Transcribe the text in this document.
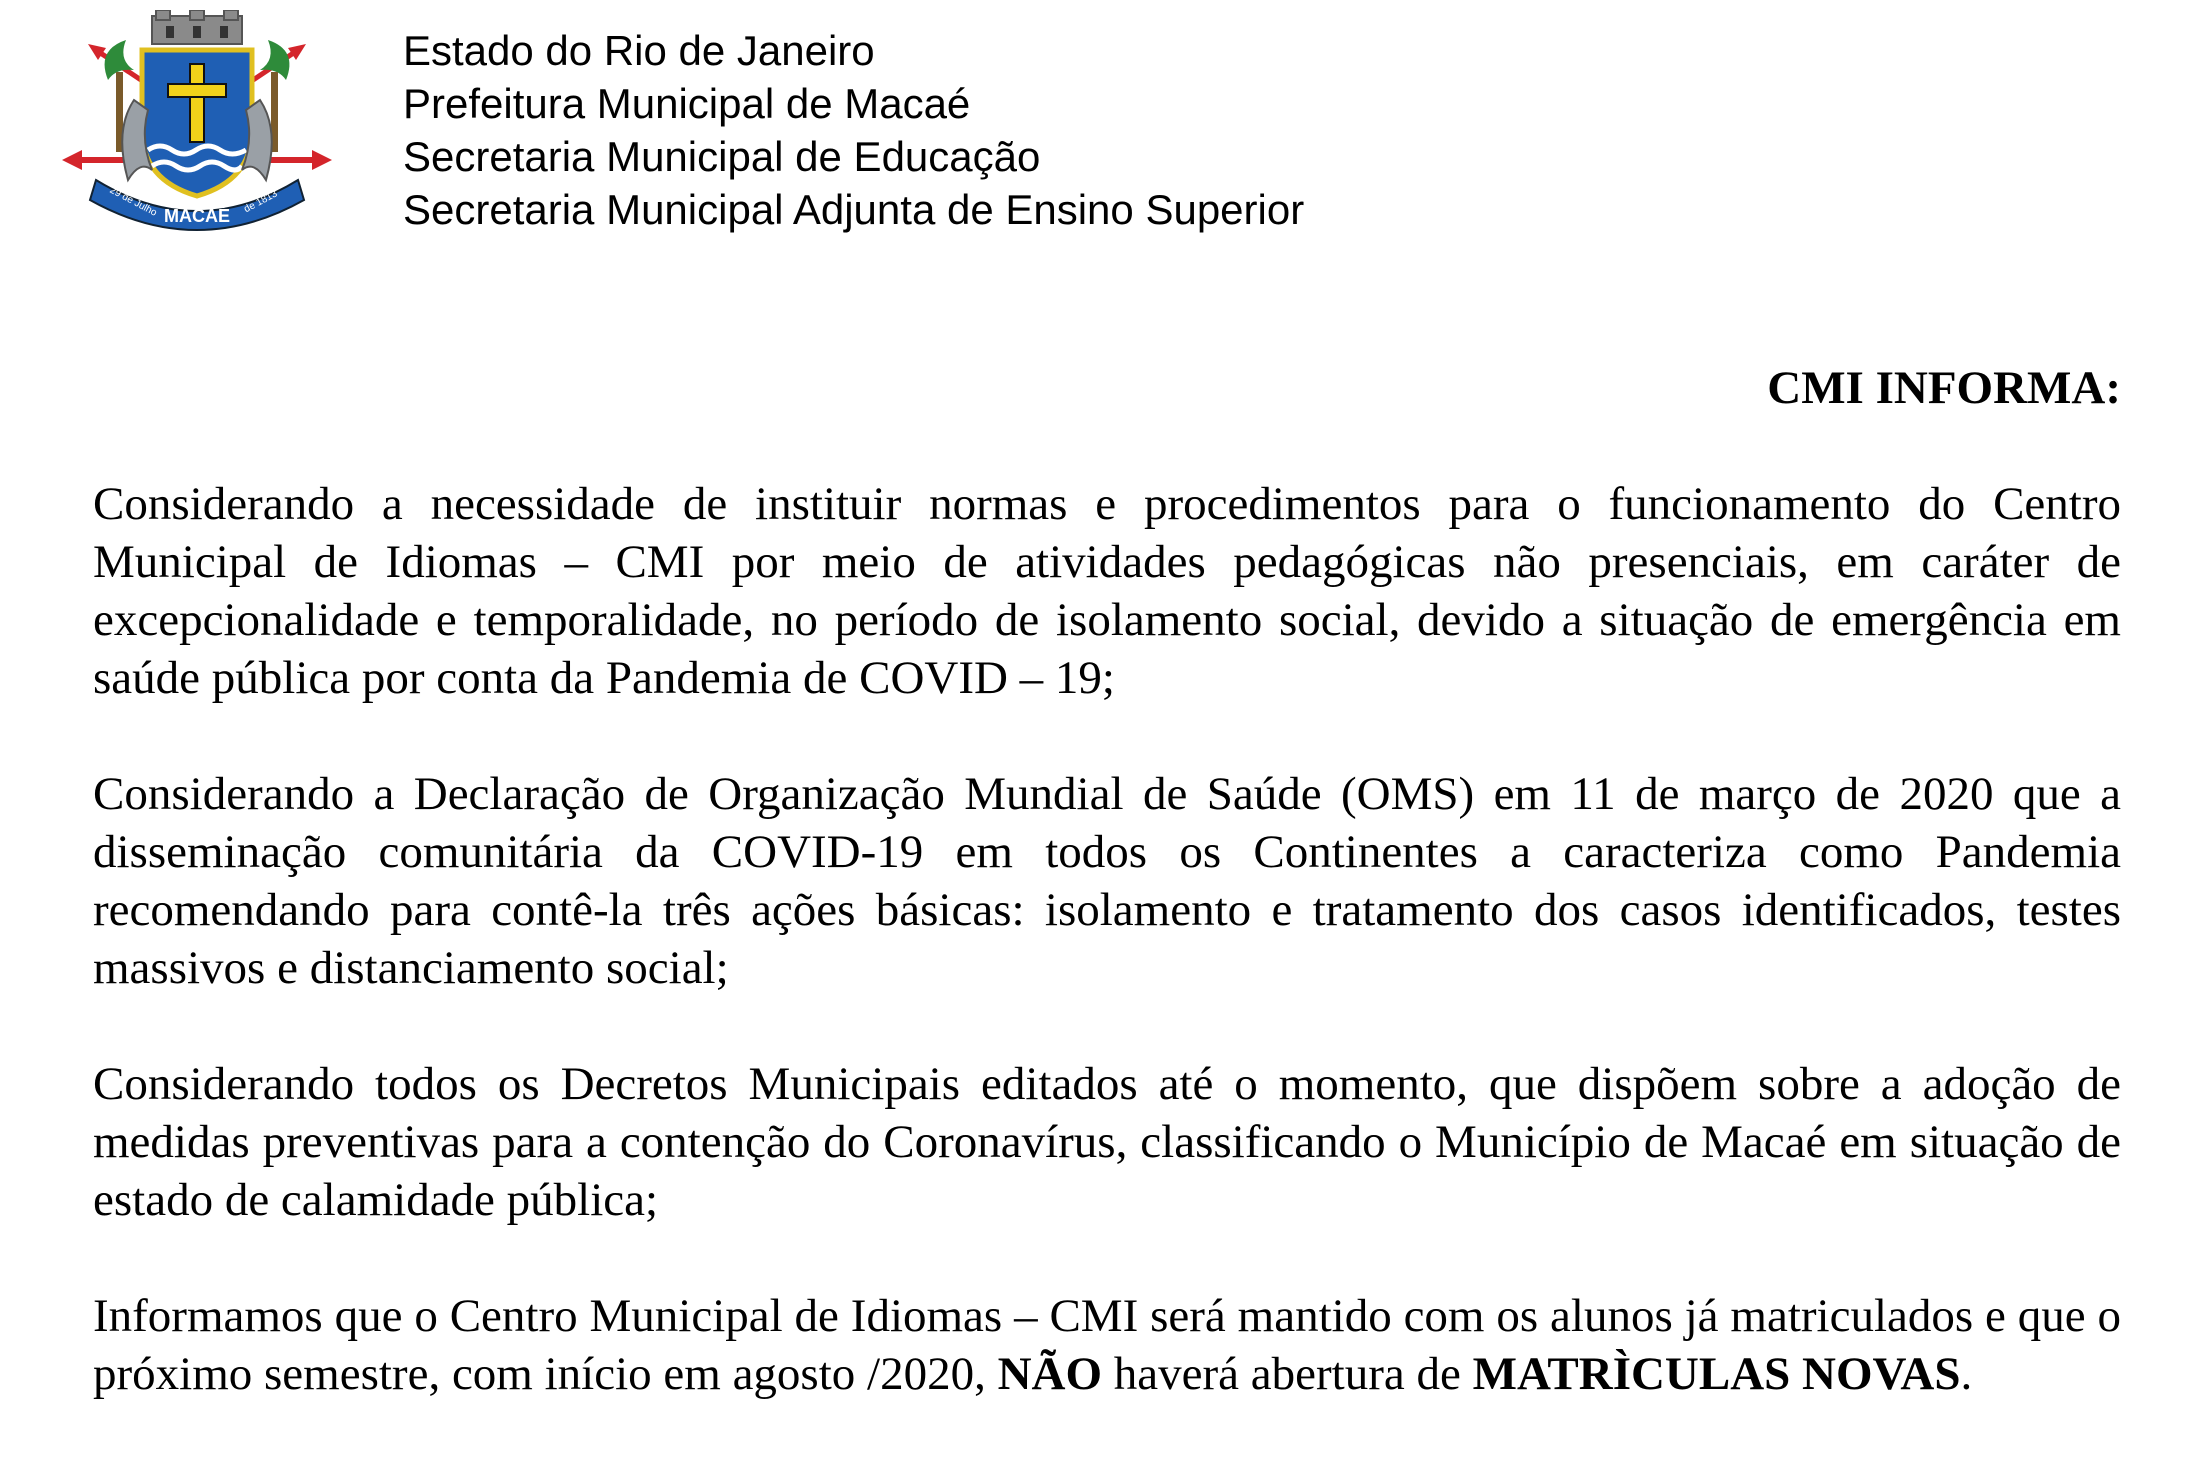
MACAÉ
29 de Julho	de 1813
Estado do Rio de Janeiro
Prefeitura Municipal de Macaé
Secretaria Municipal de Educação
Secretaria Municipal Adjunta de Ensino Superior
CMI INFORMA:

Considerando a necessidade de instituir normas e procedimentos para o funcionamento do Centro Municipal de Idiomas – CMI por meio de atividades pedagógicas não presenciais, em caráter de excepcionalidade e temporalidade, no período de isolamento social, devido a situação de emergência em saúde pública por conta da Pandemia de COVID – 19;

Considerando a Declaração de Organização Mundial de Saúde (OMS) em 11 de março de 2020 que a disseminação comunitária da COVID-19 em todos os Continentes a caracteriza como Pandemia recomendando para contê-la três ações básicas: isolamento e tratamento dos casos identificados, testes massivos e distanciamento social;

Considerando todos os Decretos Municipais editados até o momento, que dispõem sobre a adoção de medidas preventivas para a contenção do Coronavírus, classificando o Município de Macaé em situação de estado de calamidade pública;

Informamos que o Centro Municipal de Idiomas – CMI será mantido com os alunos já matriculados e que o próximo semestre, com início em agosto /2020, NÃO haverá abertura de MATRÌCULAS NOVAS.
